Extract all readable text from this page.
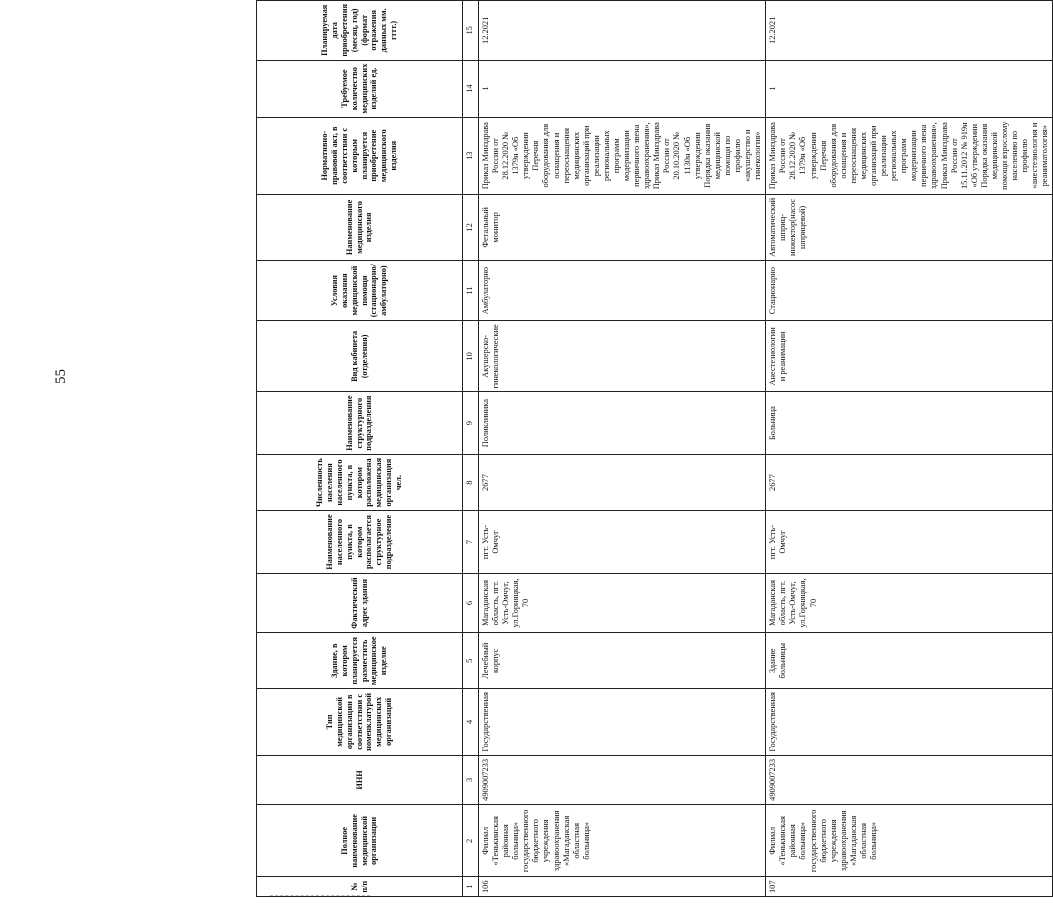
55
№ п/п	Полное наименование медицинской организации	ИНН	Тип медицинской организации в соответствии с номенклатурой медицинских организаций	Здание, в котором планируется разместить медицинское изделие	Фактический адрес здания	Наименование населенного пункта, в котором располагается структурное подразделение	Численность населения населенного пункта, в котором расположена медицинская организация чел.	Наименование структурного подразделения	Вид кабинета (отделения)	Условия оказания медицинской помощи (стационарно/амбулаторно)	Наименование медицинского изделия	Нормативно- правовой акт, в соответствии с которым планируется приобретение медицинского изделия	Требуемое количество медицинских изделий ед.	Планируемая дата приобретения (месяц, год) (формат отражения данных мм. гггг.)
1	2	3	4	5	6	7	8	9	10	11	12	13	14	15
106	Филиал «Тенькинская районная больница» государственного бюджетного учреждения здравоохранения «Магаданская областная больница»	4909007233	Государственная	Лечебный корпус	Магаданская область, пгт. Усть-Омчуг, ул.Горняцкая, 70	пгт. Усть-Омчуг	2677	Поликлиника	Акушерско-гинекологические	Амбулаторно	Фетальный монитор	Приказ Минздрава России от 28.12.2020 № 1379н «Об утверждении Перечня оборудования для оснащения и переоснащения медицинских организаций при реализации региональных программ модернизации первичного звена здравоохранения», Приказ Минздрава России от 20.10.2020 № 1130н «Об утверждении Порядка оказания медицинской помощи по профилю «акушерство и гинекология»	1	12.2021
107	Филиал «Тенькинская районная больница» государственного бюджетного учреждения здравоохранения «Магаданская областная больница»	4909007233	Государственная	Здание больницы	Магаданская область, пгт. Усть-Омчуг, ул.Горняцкая, 70	пгт. Усть-Омчуг	2677	Больница	Анестезиологии и реанимации	Стационарно	Автоматический шприц-инжектор(насос шприцевой)	Приказ Минздрава России от 28.12.2020 № 1379н «Об утверждении Перечня оборудования для оснащения и переоснащения медицинских организаций при реализации региональных программ модернизации первичного звена здравоохранения», Приказ Минздрава России от 15.11.2012 № 919н «Об утверждении Порядка оказания медицинской помощи взрослому населению по профилю «анестезиология и реаниматология»	1	12.2021
